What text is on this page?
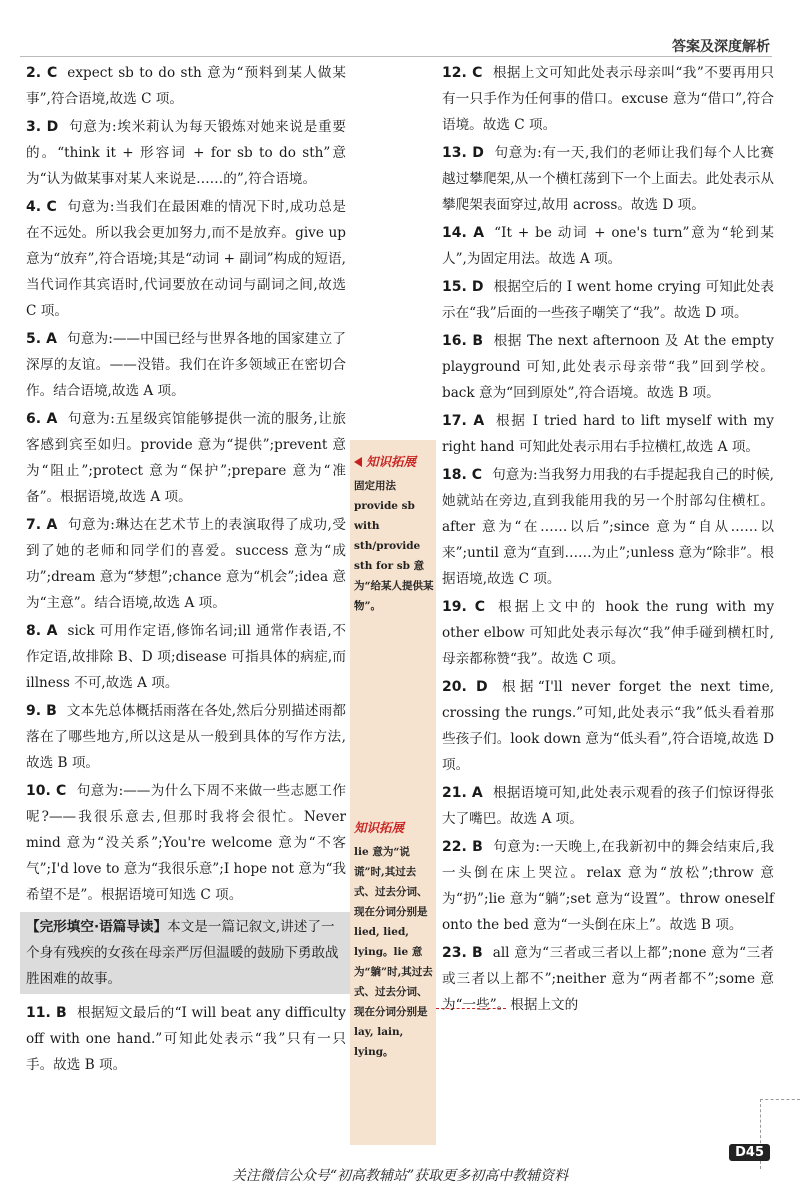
答案及深度解析
2. C expect sb to do sth 意为“预料到某人做某事”,符合语境,故选 C 项。
3. D 句意为:埃米莉认为每天锻炼对她来说是重要的。“think it + 形容词 + for sb to do sth”意为“认为做某事对某人来说是……的”,符合语境。
4. C 句意为:当我们在最困难的情况下时,成功总是在不远处。所以我会更加努力,而不是放弃。give up 意为“放弃”,符合语境;其是“动词 + 副词”构成的短语,当代词作其宾语时,代词要放在动词与副词之间,故选 C 项。
5. A 句意为:——中国已经与世界各地的国家建立了深厚的友谊。——没错。我们在许多领域正在密切合作。结合语境,故选 A 项。
6. A 句意为:五星级宾馆能够提供一流的服务,让旅客感到宾至如归。provide 意为“提供”;prevent 意为“阻止”;protect 意为“保护”;prepare 意为“准备”。根据语境,故选 A 项。
7. A 句意为:琳达在艺术节上的表演取得了成功,受到了她的老师和同学们的喜爱。success 意为“成功”;dream 意为“梦想”;chance 意为“机会”;idea 意为“主意”。结合语境,故选 A 项。
8. A sick 可用作定语,修饰名词;ill 通常作表语,不作定语,故排除 B、D 项;disease 可指具体的病症,而 illness 不可,故选 A 项。
9. B 文本先总体概括雨落在各处,然后分别描述雨都落在了哪些地方,所以这是从一般到具体的写作方法,故选 B 项。
10. C 句意为:——为什么下周不来做一些志愿工作呢?——我很乐意去,但那时我将会很忙。Never mind 意为“没关系”;You're welcome 意为“不客气”;I'd love to 意为“我很乐意”;I hope not 意为“我希望不是”。根据语境可知选 C 项。
【完形填空·语篇导读】本文是一篇记叙文,讲述了一个身有残疾的女孩在母亲严厉但温暖的鼓励下勇敢战胜困难的故事。
11. B 根据短文最后的“I will beat any difficulty off with one hand.”可知此处表示“我”只有一只手。故选 B 项。
知识拓展
固定用法 provide sb with sth/provide sth for sb 意为“给某人提供某物”。
知识拓展
lie 意为“说谎”时,其过去式、过去分词、现在分词分别是 lied, lied, lying。lie 意为“躺”时,其过去式、过去分词、现在分词分别是 lay, lain, lying。
12. C 根据上文可知此处表示母亲叫“我”不要再用只有一只手作为任何事的借口。excuse 意为“借口”,符合语境。故选 C 项。
13. D 句意为:有一天,我们的老师让我们每个人比赛越过攀爬架,从一个横杠荡到下一个上面去。此处表示从攀爬架表面穿过,故用 across。故选 D 项。
14. A “It + be 动词 + one's turn”意为“轮到某人”,为固定用法。故选 A 项。
15. D 根据空后的 I went home crying 可知此处表示在“我”后面的一些孩子嘲笑了“我”。故选 D 项。
16. B 根据 The next afternoon 及 At the empty playground 可知,此处表示母亲带“我”回到学校。back 意为“回到原处”,符合语境。故选 B 项。
17. A 根据 I tried hard to lift myself with my right hand 可知此处表示用右手拉横杠,故选 A 项。
18. C 句意为:当我努力用我的右手提起我自己的时候,她就站在旁边,直到我能用我的另一个肘部勾住横杠。after 意为“在……以后”;since 意为“自从……以来”;until 意为“直到……为止”;unless 意为“除非”。根据语境,故选 C 项。
19. C 根据上文中的 hook the rung with my other elbow 可知此处表示每次“我”伸手碰到横杠时,母亲都称赞“我”。故选 C 项。
20. D 根据“I'll never forget the next time, crossing the rungs.”可知,此处表示“我”低头看着那些孩子们。look down 意为“低头看”,符合语境,故选 D 项。
21. A 根据语境可知,此处表示观看的孩子们惊讶得张大了嘴巴。故选 A 项。
22. B 句意为:一天晚上,在我新初中的舞会结束后,我一头倒在床上哭泣。relax 意为“放松”;throw 意为“扔”;lie 意为“躺”;set 意为“设置”。throw oneself onto the bed 意为“一头倒在床上”。故选 B 项。
23. B all 意为“三者或三者以上都”;none 意为“三者或三者以上都不”;neither 意为“两者都不”;some 意为“一些”。根据上文的
D45
关注微信公众号“初高教辅站”获取更多初高中教辅资料
